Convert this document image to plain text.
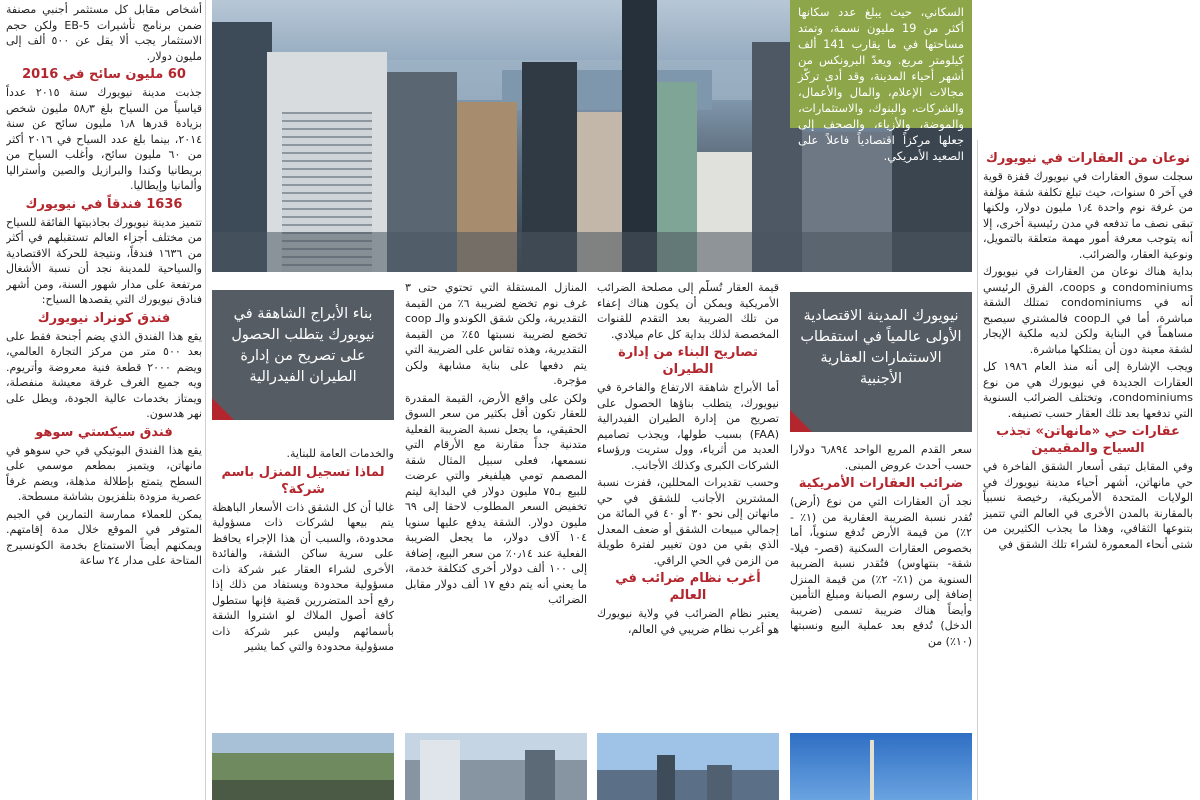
السكاني، حيث يبلغ عدد سكانها أكثر من 19 مليون نسمة، وتمتد مساحتها في ما يقارب 141 ألف كيلومتر مربع. ويعدّ البرونكس من أشهر أحياء المدينة، وقد أدى تركّز مجالات الإعلام، والمال والأعمال، والشركات، والبنوك، والاستثمارات، والموضة، والأزياء، والصحف إلى جعلها مركزاً اقتصادياً فاعلاً على الصعيد الأمريكي.	نوعان من العقارات في نيويورك

سجلت سوق العقارات في نيويورك قفزة قوية في آخر ٥ سنوات، حيث تبلغ تكلفة شقة مؤلفة من غرفة نوم واحدة ١٫٤ مليون دولار، ولكنها تبقى نصف ما تدفعه في مدن رئيسية أخرى، إلا أنه يتوجب معرفة أمور مهمة متعلقة بالتمويل، ونوعية العقار، والضرائب.

بداية هناك نوعان من العقارات في نيويورك condominiums و coops، الفرق الرئيسي أنه في condominiums تمتلك الشقة مباشرة، أما في الـcoop فالمشتري سيصبح مساهماً في البناية ولكن لديه ملكية الإيجار لشقة معينة دون أن يمتلكها مباشرة.

ويجب الإشارة إلى أنه منذ العام ١٩٨٦ كل العقارات الجديدة في نيويورك هي من نوع condominiums، وتختلف الضرائب السنوية التي تدفعها بعد تلك العقار حسب تصنيفه.

عقارات حي «مانهاتن» تجذب السياح والمقيمين

وفي المقابل تبقى أسعار الشقق الفاخرة في حي مانهاتن، أشهر أحياء مدينة نيويورك في الولايات المتحدة الأمريكية، رخيصة نسبياً بالمقارنة بالمدن الأخرى في العالم التي تتميز بتنوعها الثقافي، وهذا ما يجذب الكثيرين من شتى أنحاء المعمورة لشراء تلك الشقق في

نيويورك المدينة الاقتصادية الأولى عالمياً في استقطاب الاستثمارات العقارية الأجنبية

سعر القدم المربع الواحد ٦٫٨٩٤ دولارا حسب أحدث عروض المبنى.

ضرائب العقارات الأمريكية

نجد أن العقارات التي من نوع (أرض) تُقدر نسبة الضريبة العقارية من (١٪ - ٢٪) من قيمة الأرض تُدفع سنوياً، أما بخصوص العقارات السكنية (قصر- فيلا- شقة- بنتهاوس) فتُقدر نسبة الضريبة السنوية من (١٪- ٢٪) من قيمة المنزل إضافة إلى رسوم الصيانة ومبلغ التأمين وأيضاً هناك ضريبة تسمى (ضريبة الدخل) تُدفع بعد عملية البيع ونسبتها (١٠٪) من

قيمة العقار تُسلَّم إلى مصلحة الضرائب الأمريكية ويمكن أن يكون هناك إعفاء من تلك الضريبة بعد التقدم للقنوات المخصصة لذلك بداية كل عام ميلادي.

تصاريح البناء من إدارة الطيران

أما الأبراج شاهقة الارتفاع والفاخرة في نيويورك، يتطلب بناؤها الحصول على تصريح من إدارة الطيران الفيدرالية (FAA) بسبب طولها، ويجذب تصاميم العديد من أثرياء، وول ستريت ورؤساء الشركات الكبرى وكذلك الأجانب.

وحسب تقديرات المحللين، قفزت نسبة المشترين الأجانب للشقق في حي مانهاتن إلى نحو ٣٠ أو ٤٠ في المائة من إجمالي مبيعات الشقق أو ضعف المعدل الذي بقي من دون تغيير لفترة طويلة من الزمن في الحي الراقي.

أغرب نظام ضرائب في العالم

يعتبر نظام الضرائب في ولاية نيويورك هو أغرب نظام ضريبي في العالم،

المنازل المستقلة التي تحتوي حتى ٣ غرف نوم تخضع لضريبة ٦٪ من القيمة التقديرية، ولكن شقق الكوندو والـ coop تخضع لضريبة نسبتها ٤٥٪ من القيمة التقديرية، وهذه تقاس على الضريبة التي يتم دفعها على بناية مشابهة ولكن مؤجرة.

ولكن على واقع الأرض، القيمة المقدرة للعقار تكون أقل بكثير من سعر السوق الحقيقي، ما يجعل نسبة الضريبة الفعلية متدنية جداً مقارنة مع الأرقام التي نسمعها، فعلى سبيل المثال شقة المصمم تومي هيلفيغر والتي عرضت للبيع بـ٧٥ مليون دولار في البداية ليتم تخفيض السعر المطلوب لاحقا إلى ٦٩ مليون دولار. الشقة يدفع عليها سنويا ١٠٤ آلاف دولار، ما يجعل الضريبة الفعلية عند ٠٫١٤٪ من سعر البيع، إضافة إلى ١٠٠ ألف دولار أخرى كتكلفة خدمة، ما يعني أنه يتم دفع ١٧ ألف دولار مقابل الضرائب

بناء الأبراج الشاهقة في نيويورك يتطلب الحصول على تصريح من إدارة الطيران الفيدرالية

والخدمات العامة للبناية.

لماذا تسجيل المنزل باسم شركة؟

غالبا أن كل الشقق ذات الأسعار الباهظة يتم بيعها لشركات ذات مسؤولية محدودة، والسبب أن هذا الإجراء يحافظ على سرية ساكن الشقة، والفائدة الأخرى لشراء العقار عبر شركة ذات مسؤولية محدودة ويستفاد من ذلك إذا رفع أحد المتضررين قضية فإنها ستطول كافة أصول الملاك لو اشتروا الشقة بأسمائهم وليس عبر شركة ذات مسؤولية محدودة والتي كما يشير

أشخاص مقابل كل مستثمر أجنبي مصنفة ضمن برنامج تأشيرات EB-5 ولكن حجم الاستثمار يجب ألا يقل عن ٥٠٠ ألف إلى مليون دولار.

60 مليون سائح في 2016

جذبت مدينة نيويورك سنة ٢٠١٥ عدداً قياسياً من السياح بلغ ٥٨٫٣ مليون شخص بزيادة قدرها ١٫٨ مليون سائح عن سنة ٢٠١٤، بينما بلغ عدد السياح في ٢٠١٦ أكثر من ٦٠ مليون سائح، وأغلب السياح من بريطانيا وكندا والبرازيل والصين وأستراليا وألمانيا وإيطاليا.

1636 فندقاً في نيويورك

تتميز مدينة نيويورك بجاذبيتها الفائقة للسياح من مختلف أجزاء العالم تستقبلهم في أكثر من ١٦٣٦ فندقاً، ونتيجة للحركة الاقتصادية والسياحية للمدينة نجد أن نسبة الأشغال مرتفعة على مدار شهور السنة، ومن أشهر فنادق نيويورك التي يقصدها السياح:

فندق كونراد نيويورك

يقع هذا الفندق الذي يضم أجنحة فقط على بعد ٥٠٠ متر من مركز التجارة العالمي، ويضم ٢٠٠٠ قطعة فنية معروضة وأتريوم. ويه جميع الغرف غرفة معيشة منفصلة، ويمتاز بخدمات عالية الجودة، ويطل على نهر هدسون.

فندق سيكستي سوهو

يقع هذا الفندق البوتيكي في حي سوهو في مانهاتن، ويتميز بمطعم موسمي على السطح يتمتع بإطلالة مذهلة، ويضم غرفاً عصرية مزودة بتلفزيون بشاشة مسطحة.

يمكن للعملاء ممارسة التمارين في الجيم المتوفر في الموقع خلال مدة إقامتهم. ويمكنهم أيضاً الاستمتاع بخدمة الكونسيرج المتاحة على مدار ٢٤ ساعة
